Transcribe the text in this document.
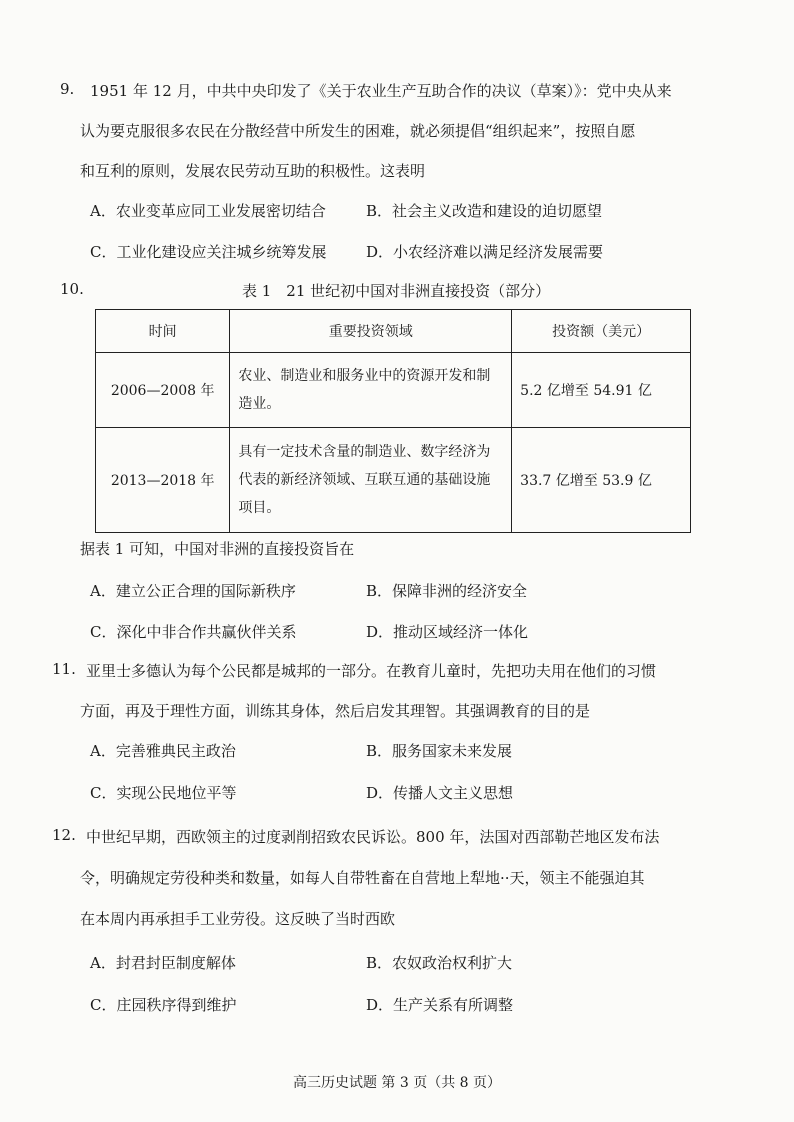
9. 1951 年 12 月，中共中央印发了《关于农业生产互助合作的决议（草案）》：党中央从来
认为要克服很多农民在分散经营中所发生的困难，就必须提倡“组织起来”，按照自愿
和互利的原则，发展农民劳动互助的积极性。这表明
A．农业变革应同工业发展密切结合	B．社会主义改造和建设的迫切愿望
C．工业化建设应关注城乡统筹发展	D．小农经济难以满足经济发展需要
10.	表 1　21 世纪初中国对非洲直接投资（部分）
时间	重要投资领域	投资额（美元）
2006—2008 年	农业、制造业和服务业中的资源开发和制造业。	5.2 亿增至 54.91 亿
2013—2018 年	具有一定技术含量的制造业、数字经济为代表的新经济领域、互联互通的基础设施项目。	33.7 亿增至 53.9 亿
据表 1 可知，中国对非洲的直接投资旨在
A．建立公正合理的国际新秩序	B．保障非洲的经济安全
C．深化中非合作共赢伙伴关系	D．推动区域经济一体化
11. 亚里士多德认为每个公民都是城邦的一部分。在教育儿童时，先把功夫用在他们的习惯
方面，再及于理性方面，训练其身体，然后启发其理智。其强调教育的目的是
A．完善雅典民主政治	B．服务国家未来发展
C．实现公民地位平等	D．传播人文主义思想
12. 中世纪早期，西欧领主的过度剥削招致农民诉讼。800 年，法国对西部勒芒地区发布法
令，明确规定劳役种类和数量，如每人自带牲畜在自营地上犁地··天，领主不能强迫其
在本周内再承担手工业劳役。这反映了当时西欧
A．封君封臣制度解体	B．农奴政治权利扩大
C．庄园秩序得到维护	D．生产关系有所调整
高三历史试题 第 3 页（共 8 页）
